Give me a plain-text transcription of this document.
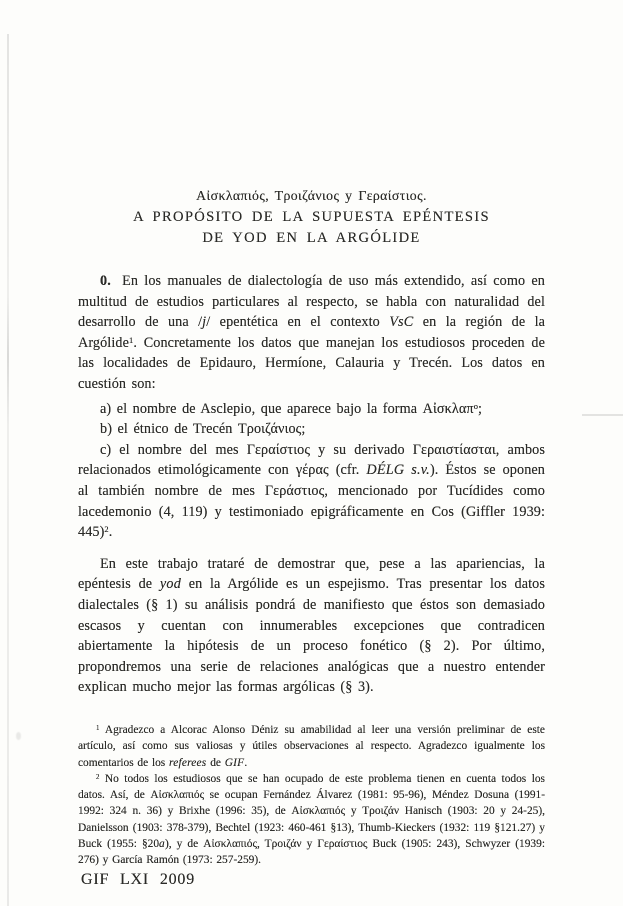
Αἰσκλαπιός, Τροιζάνιος y Γεραίστιος.
A PROPÓSITO DE LA SUPUESTA EPÉNTESIS
DE YOD EN LA ARGÓLIDE

0. En los manuales de dialectología de uso más extendido, así como en multitud de estudios particulares al respecto, se habla con naturalidad del desarrollo de una /j/ epentética en el contexto VsC en la región de la Argólide$^1$. Concretamente los datos que manejan los estudiosos proceden de las localidades de Epidauro, Hermíone, Calauria y Trecén. Los datos en cuestión son:

a) el nombre de Asclepio, que aparece bajo la forma Αἰσκλαπ$^o$;

b) el étnico de Trecén Τροιζάνιος;

c) el nombre del mes Γεραίστιος y su derivado Γεραιστίασται, ambos relacionados etimológicamente con γέρας (cfr. DÉLG s.v.). Éstos se oponen al también nombre de mes Γεράστιος, mencionado por Tucídides como lacedemonio (4, 119) y testimoniado epigráficamente en Cos (Giffler 1939: 445)$^2$.

En este trabajo trataré de demostrar que, pese a las apariencias, la epéntesis de yod en la Argólide es un espejismo. Tras presentar los datos dialectales (§ 1) su análisis pondrá de manifiesto que éstos son demasiado escasos y cuentan con innumerables excepciones que contradicen abiertamente la hipótesis de un proceso fonético (§ 2). Por último, propondremos una serie de relaciones analógicas que a nuestro entender explican mucho mejor las formas argólicas (§ 3).

$^1$ Agradezco a Alcorac Alonso Déniz su amabilidad al leer una versión preliminar de este artículo, así como sus valiosas y útiles observaciones al respecto. Agradezco igualmente los comentarios de los referees de GIF.

$^2$ No todos los estudiosos que se han ocupado de este problema tienen en cuenta todos los datos. Así, de Αἰσκλαπιός se ocupan Fernández Álvarez (1981: 95-96), Méndez Dosuna (1991-1992: 324 n. 36) y Brixhe (1996: 35), de Αἰσκλαπιός y Τροιζάν Hanisch (1903: 20 y 24-25), Danielsson (1903: 378-379), Bechtel (1923: 460-461 §13), Thumb-Kieckers (1932: 119 §121.27) y Buck (1955: §20a), y de Αἰσκλαπιός, Τροιζάν y Γεραίστιος Buck (1905: 243), Schwyzer (1939: 276) y García Ramón (1973: 257-259).

GIF LXI 2009
